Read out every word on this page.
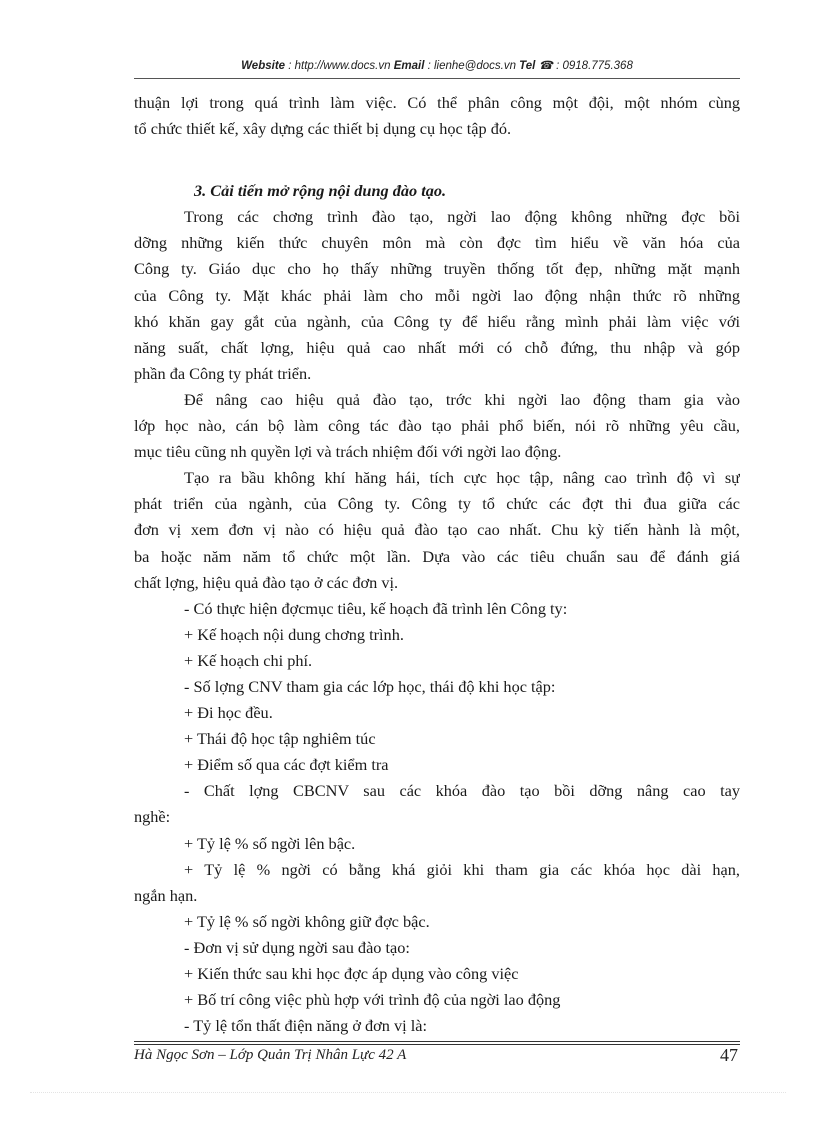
Website : http://www.docs.vn Email : lienhe@docs.vn Tel ☎ : 0918.775.368
thuận lợi trong quá trình làm việc. Có thể phân công một đội, một nhóm cùng
tổ chức thiết kế, xây dựng các thiết bị dụng cụ học tập đó.
3. Cải tiến mở rộng nội dung đào tạo.
Trong các chơng trình đào tạo, ngời lao động không những đợc bồi
dỡng những kiến thức chuyên môn mà còn đợc tìm hiểu về văn hóa của
Công ty. Giáo dục cho họ thấy những truyền thống tốt đẹp, những mặt mạnh
của Công ty. Mặt khác phải làm cho mỗi ngời lao động nhận thức rõ những
khó khăn gay gắt của ngành, của Công ty để hiểu rằng mình phải làm việc với
năng suất, chất lợng, hiệu quả cao nhất mới có chỗ đứng, thu nhập và góp
phần đa Công ty phát triển.
Để nâng cao hiệu quả đào tạo, trớc khi ngời lao động tham gia vào
lớp học nào, cán bộ làm công tác đào tạo phải phổ biến, nói rõ những yêu cầu,
mục tiêu cũng nh quyền lợi và trách nhiệm đối với ngời lao động.
Tạo ra bầu không khí hăng hái, tích cực học tập, nâng cao trình độ vì sự
phát triển của ngành, của Công ty. Công ty tổ chức các đợt thi đua giữa các
đơn vị xem đơn vị nào có hiệu quả đào tạo cao nhất. Chu kỳ tiến hành là một,
ba hoặc năm năm tổ chức một lần. Dựa vào các tiêu chuẩn sau để đánh giá
chất lợng, hiệu quả đào tạo ở các đơn vị.
- Có thực hiện đợcmục tiêu, kế hoạch đã trình lên Công ty:
+ Kế hoạch nội dung chơng trình.
+ Kế hoạch chi phí.
- Số lợng CNV tham gia các lớp học, thái độ khi học tập:
+ Đi học đều.
+ Thái độ học tập nghiêm túc
+ Điểm số qua các đợt kiểm tra
- Chất lợng CBCNV sau các khóa đào tạo bồi dỡng nâng cao tay
nghề:
+ Tỷ lệ % số ngời lên bậc.
+ Tỷ lệ % ngời có bằng khá giỏi khi tham gia các khóa học dài hạn,
ngắn hạn.
+ Tỷ lệ % số ngời không giữ đợc bậc.
- Đơn vị sử dụng ngời sau đào tạo:
+ Kiến thức sau khi học đợc áp dụng vào công việc
+ Bố trí công việc phù hợp với trình độ của ngời lao động
- Tỷ lệ tổn thất điện năng ở đơn vị là:
Hà Ngọc Sơn – Lớp Quản Trị Nhân Lực 42 A	47
